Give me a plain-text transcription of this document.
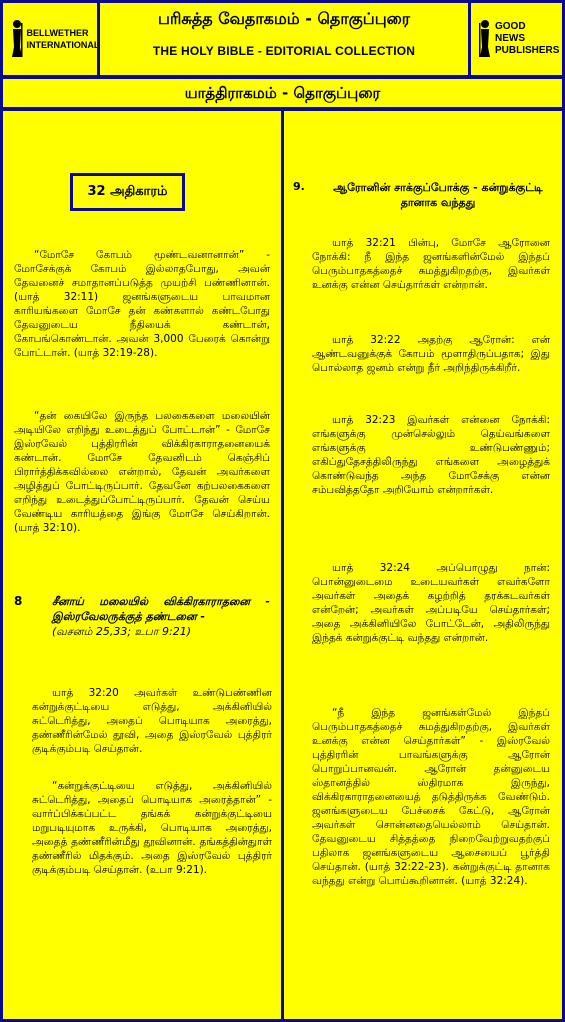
BELLWETHER INTERNATIONAL
பரிசுத்த வேதாகமம் - தொகுப்புரை
THE HOLY BIBLE - EDITORIAL COLLECTION
GOOD NEWS PUBLISHERS
யாத்திராகமம் - தொகுப்புரை
32 அதிகாரம்
“மோசே கோபம் மூண்டவனானான்” - மோசேக்குக் கோபம் இல்லாதபோது, அவன் தேவனைச் சமாதானப்படுத்த முயற்சி பண்ணினான். (யாத் 32:11) ஜனங்களுடைய பாவமான காரியங்களை மோசே தன் கண்களால் கண்டபோது தேவனுடைய நீதியைக் கண்டான், கோபங்கொண்டான். அவன் 3,000 பேரைக் கொன்று போட்டான். (யாத் 32:19-28).
“தன் கையிலே இருந்த பலகைகளை மலையின் அடியிலே எறிந்து உடைத்துப் போட்டான்” - மோசே இஸ்ரவேல் புத்திரரின் விக்கிரகாராதனையைக் கண்டான். மோசே தேவனிடம் கெஞ்சிப் பிரார்த்திக்கவில்லை என்றால், தேவன் அவர்களை அழித்துப் போட்டிருப்பார். தேவனே கற்பலகைகளை எறிந்து உடைத்துப்போட்டிருப்பார். தேவன் செய்ய வேண்டிய காரியத்தை இங்கு மோசே செய்கிறான். (யாத் 32:10).
8	சீனாய் மலையில் விக்கிரகாராதனை - இஸ்ரவேலருக்குத் தண்டனை -
(வசனம் 25,33; உபா 9:21)
யாத் 32:20 அவர்கள் உண்டுபண்ணின கன்றுக்குட்டியை எடுத்து, அக்கினியில் சுட்டெரித்து, அதைப் பொடியாக அரைத்து, தண்ணீரின்மேல் தூவி, அதை இஸ்ரவேல் புத்திரர் குடிக்கும்படி செய்தான்.
“கன்றுக்குட்டியை எடுத்து, அக்கினியில் சுட்டெரித்து, அதைப் பொடியாக அரைத்தான்” - வார்ப்பிக்கப்பட்ட தங்கக் கன்றுக்குட்டியை மறுபடியுமாக உருக்கி, பொடியாக அரைத்து, அதைத் தண்ணீரின்மீது தூவினான். தங்கத்தின்துாள் தண்ணீரில் மிதக்கும். அதை இஸ்ரவேல் புத்திரர் குடிக்கும்படி செய்தான். (உபா 9:21).
9.	ஆரோனின் சாக்குப்போக்கு - கன்றுக்குட்டி தானாக வந்தது
யாத் 32:21 பின்பு, மோசே ஆரோனை நோக்கி: நீ இந்த ஜனங்களின்மேல் இந்தப் பெரும்பாதகத்தைச் சுமத்துகிறதற்கு, இவர்கள் உனக்கு என்ன செய்தார்கள் என்றான்.
யாத் 32:22 அதற்கு ஆரோன்: என் ஆண்டவனுக்குக் கோபம் மூளாதிருப்பதாக; இது பொல்லாத ஜனம் என்று நீர் அறிந்திருக்கிறீர்.
யாத் 32:23 இவர்கள் என்னை நோக்கி: எங்களுக்கு முன்செல்லும் தெய்வங்களை எங்களுக்கு உண்டுபண்ணும்; எகிப்துதேசத்திலிருந்து எங்களை அழைத்துக் கொண்டுவந்த அந்த மோசேக்கு என்ன சம்பவித்ததோ அறியோம் என்றார்கள்.
யாத் 32:24 அப்பொழுது நான்: பொன்னுடைமை உடையவர்கள் எவர்களோ அவர்கள் அதைக் கழற்றித் தரக்கடவர்கள் என்றேன்; அவர்கள் அப்படியே செய்தார்கள்; அதை அக்கினியிலே போட்டேன், அதிலிருந்து இந்தக் கன்றுக்குட்டி வந்தது என்றான்.
“நீ இந்த ஜனங்கள்மேல் இந்தப் பெரும்பாதகத்தைச் சுமத்துகிறதற்கு, இவர்கள் உனக்கு என்ன செய்தார்கள்” - இஸ்ரவேல் புத்திரரின் பாவங்களுக்கு ஆரோன் பொறுப்பானவன். ஆரோன் தன்னுடைய ஸ்தானத்தில் ஸ்திரமாக இருந்து, விக்கிரகாராதனையைத் தடுத்திருக்க வேண்டும். ஜனங்களுடைய பேச்சைக் கேட்டு, ஆரோன் அவர்கள் சொன்னதையெல்லாம் செய்தான். தேவனுடைய சித்தத்தை நிறைவேற்றுவதற்குப் பதிலாக ஜனங்களுடைய ஆசையைப் பூர்த்தி செய்தான். (யாத் 32:22-23). கன்றுக்குட்டி தானாக வந்தது என்று பொய்கூறினான். (யாத் 32:24).
